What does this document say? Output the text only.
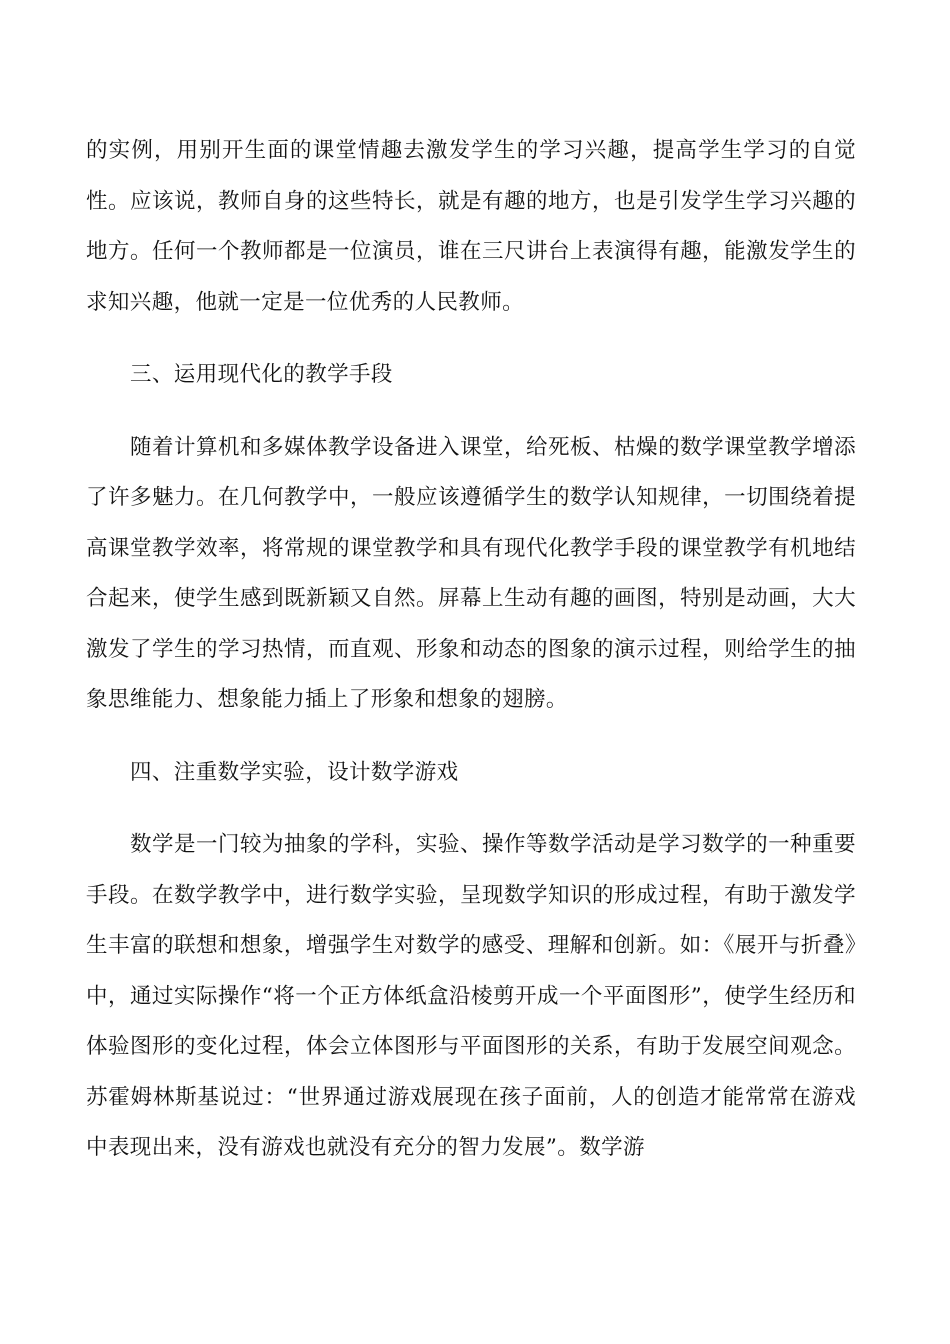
的实例，用别开生面的课堂情趣去激发学生的学习兴趣，提高学生学习的自觉性。应该说，教师自身的这些特长，就是有趣的地方，也是引发学生学习兴趣的地方。任何一个教师都是一位演员，谁在三尺讲台上表演得有趣，能激发学生的求知兴趣，他就一定是一位优秀的人民教师。

三、运用现代化的教学手段

随着计算机和多媒体教学设备进入课堂，给死板、枯燥的数学课堂教学增添了许多魅力。在几何教学中，一般应该遵循学生的数学认知规律，一切围绕着提高课堂教学效率，将常规的课堂教学和具有现代化教学手段的课堂教学有机地结合起来，使学生感到既新颖又自然。屏幕上生动有趣的画图，特别是动画，大大激发了学生的学习热情，而直观、形象和动态的图象的演示过程，则给学生的抽象思维能力、想象能力插上了形象和想象的翅膀。

四、注重数学实验，设计数学游戏

数学是一门较为抽象的学科，实验、操作等数学活动是学习数学的一种重要手段。在数学教学中，进行数学实验，呈现数学知识的形成过程，有助于激发学生丰富的联想和想象，增强学生对数学的感受、理解和创新。如：《展开与折叠》中，通过实际操作“将一个正方体纸盒沿棱剪开成一个平面图形”，使学生经历和体验图形的变化过程，体会立体图形与平面图形的关系，有助于发展空间观念。苏霍姆林斯基说过：“世界通过游戏展现在孩子面前，人的创造才能常常在游戏中表现出来，没有游戏也就没有充分的智力发展”。数学游
